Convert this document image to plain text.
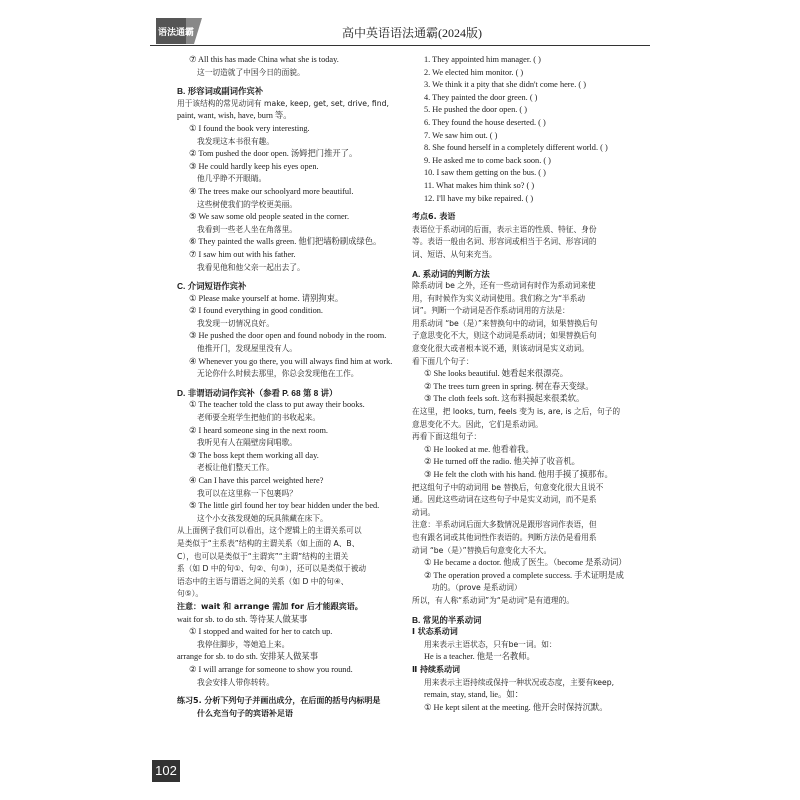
语法通霸	高中英语语法通霸(2024版)
⑦ All this has made China what she is today.
这一切造就了中国今日的面貌。
B. 形容词或副词作宾补
用于该结构的常见动词有 make, keep, get, set, drive, find,
paint, want, wish, have, burn 等。
① I found the book very interesting.
我发现这本书很有趣。
② Tom pushed the door open. 汤姆把门推开了。
③ He could hardly keep his eyes open.
他几乎睁不开眼睛。
④ The trees make our schoolyard more beautiful.
这些树使我们的学校更美丽。
⑤ We saw some old people seated in the corner.
我看到一些老人坐在角落里。
⑥ They painted the walls green. 他们把墙粉刷成绿色。
⑦ I saw him out with his father.
我看见他和他父亲一起出去了。
C. 介词短语作宾补
① Please make yourself at home. 请别拘束。
② I found everything in good condition.
我发现一切情况良好。
③ He pushed the door open and found nobody in the room.
他推开门，发现屋里没有人。
④ Whenever you go there, you will always find him at work.
无论你什么时候去那里，你总会发现他在工作。
D. 非谓语动词作宾补（参看 P. 68 第 8 讲）
① The teacher told the class to put away their books.
老师要全班学生把他们的书收起来。
② I heard someone sing in the next room.
我听见有人在隔壁房间唱歌。
③ The boss kept them working all day.
老板让他们整天工作。
④ Can I have this parcel weighted here?
我可以在这里称一下包裹吗？
⑤ The little girl found her toy bear hidden under the bed.
这个小女孩发现她的玩具熊藏在床下。
从上面例子我们可以看出，这个逻辑上的主谓关系可以
是类似于“主系表”结构的主谓关系（如上面的 A、B、
C），也可以是类似于“主谓宾”“主谓”结构的主谓关
系（如 D 中的句①、句②、句③），还可以是类似于被动
语态中的主语与谓语之间的关系（如 D 中的句④、
句⑤）。
注意：wait 和 arrange 需加 for 后才能跟宾语。
wait for sb. to do sth. 等待某人做某事
① I stopped and waited for her to catch up.
我停住脚步，等她追上来。
arrange for sb. to do sth. 安排某人做某事
② I will arrange for someone to show you round.
我会安排人带你转转。
练习5. 分析下列句子并画出成分，在后面的括号内标明是
什么充当句子的宾语补足语
1. They appointed him manager. ( )
2. We elected him monitor. ( )
3. We think it a pity that she didn't come here. ( )
4. They painted the door green. ( )
5. He pushed the door open. ( )
6. They found the house deserted. ( )
7. We saw him out. ( )
8. She found herself in a completely different world. ( )
9. He asked me to come back soon. ( )
10. I saw them getting on the bus. ( )
11. What makes him think so? ( )
12. I'll have my bike repaired. ( )
考点6. 表语
表语位于系动词的后面，表示主语的性质、特征、身份
等。表语一般由名词、形容词或相当于名词、形容词的
词、短语、从句来充当。
A. 系动词的判断方法
除系动词 be 之外，还有一些动词有时作为系动词来使
用，有时候作为实义动词使用。我们称之为“半系动
词”。判断一个动词是否作系动词用的方法是：
用系动词 “be（是）”来替换句中的动词，如果替换后句
子意思变化不大，则这个动词是系动词；如果替换后句
意变化很大或者根本说不通，则该动词是实义动词。
看下面几个句子：
① She looks beautiful. 她看起来很漂亮。
② The trees turn green in spring. 树在春天变绿。
③ The cloth feels soft. 这布料摸起来很柔软。
在这里，把 looks, turn, feels 变为 is, are, is 之后，句子的
意思变化不大。因此，它们是系动词。
再看下面这组句子：
① He looked at me. 他看着我。
② He turned off the radio. 他关掉了收音机。
③ He felt the cloth with his hand. 他用手摸了摸那布。
把这组句子中的动词用 be 替换后，句意变化很大且说不
通。因此这些动词在这些句子中是实义动词，而不是系
动词。
注意：半系动词后面大多数情况是跟形容词作表语，但
也有跟名词或其他词性作表语的。判断方法仍是看用系
动词 “be（是）”替换后句意变化大不大。
① He became a doctor. 他成了医生。（become 是系动词）
② The operation proved a complete success. 手术证明是成
功的。（prove 是系动词）
所以，有人称“系动词”为“是动词”是有道理的。
B. 常见的半系动词
Ⅰ 状态系动词
用来表示主语状态，只有be一词。如：
He is a teacher. 他是一名教师。
Ⅱ 持续系动词
用来表示主语持续或保持一种状况或态度，主要有keep,
remain, stay, stand, lie。如：
① He kept silent at the meeting. 他开会时保持沉默。
102
